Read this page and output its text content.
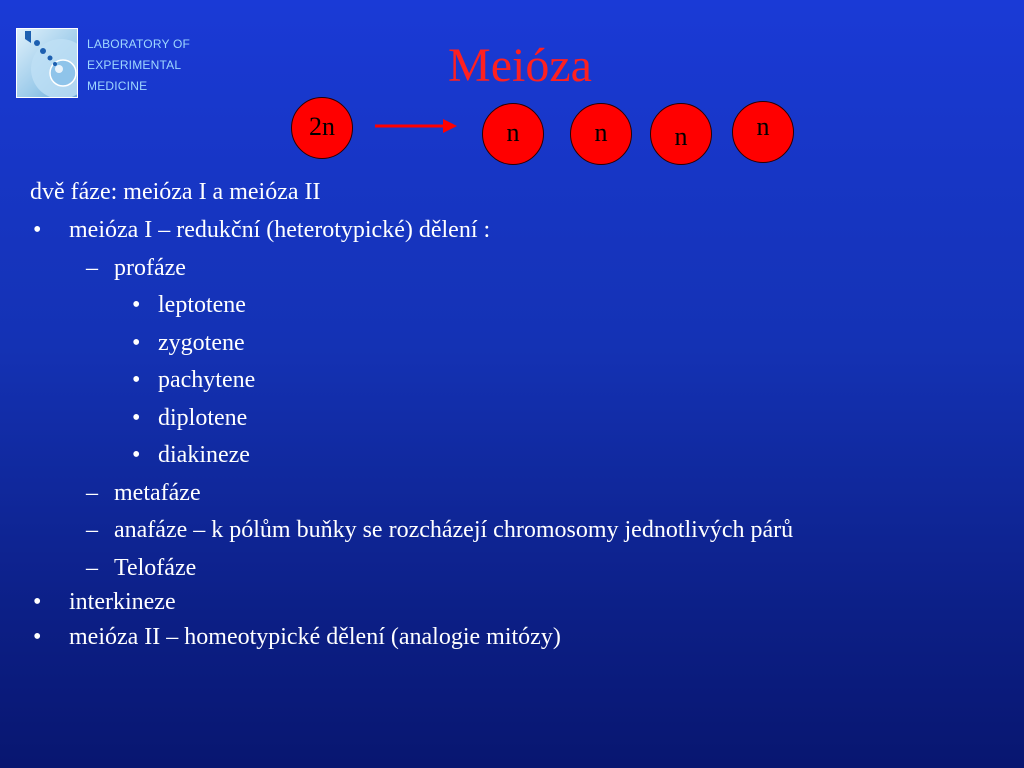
LABORATORY OF
EXPERIMENTAL
MEDICINE	Meióza
2n	n	n	n	n
dvě fáze: meióza I a meióza II
• meióza I – redukční (heterotypické) dělení :
– profáze
• leptotene
• zygotene
• pachytene
• diplotene
• diakineze
– metafáze
– anafáze – k pólům buňky se rozcházejí chromosomy jednotlivých párů
– Telofáze
• interkineze
• meióza II – homeotypické dělení (analogie mitózy)
